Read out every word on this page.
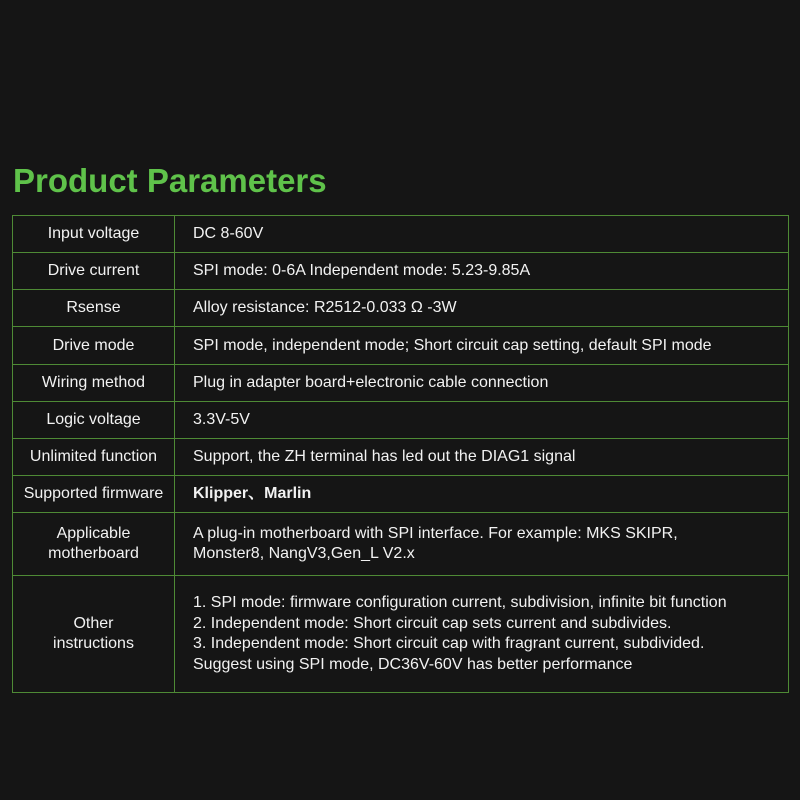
Product Parameters
Input voltage	DC 8-60V
Drive current	SPI mode: 0-6A Independent mode: 5.23-9.85A
Rsense	Alloy resistance: R2512-0.033 Ω -3W
Drive mode	SPI mode, independent mode; Short circuit cap setting, default SPI mode
Wiring method	Plug in adapter board+electronic cable connection
Logic voltage	3.3V-5V
Unlimited function	Support, the ZH terminal has led out the DIAG1 signal
Supported firmware	Klipper、Marlin

Applicable
motherboard	A plug-in motherboard with SPI interface. For example: MKS SKIPR,
Monster8, NangV3,Gen_L V2.x

Other
instructions	1. SPI mode: firmware configuration current, subdivision, infinite bit function
2. Independent mode: Short circuit cap sets current and subdivides.
3. Independent mode: Short circuit cap with fragrant current, subdivided.
Suggest using SPI mode, DC36V-60V has better performance
